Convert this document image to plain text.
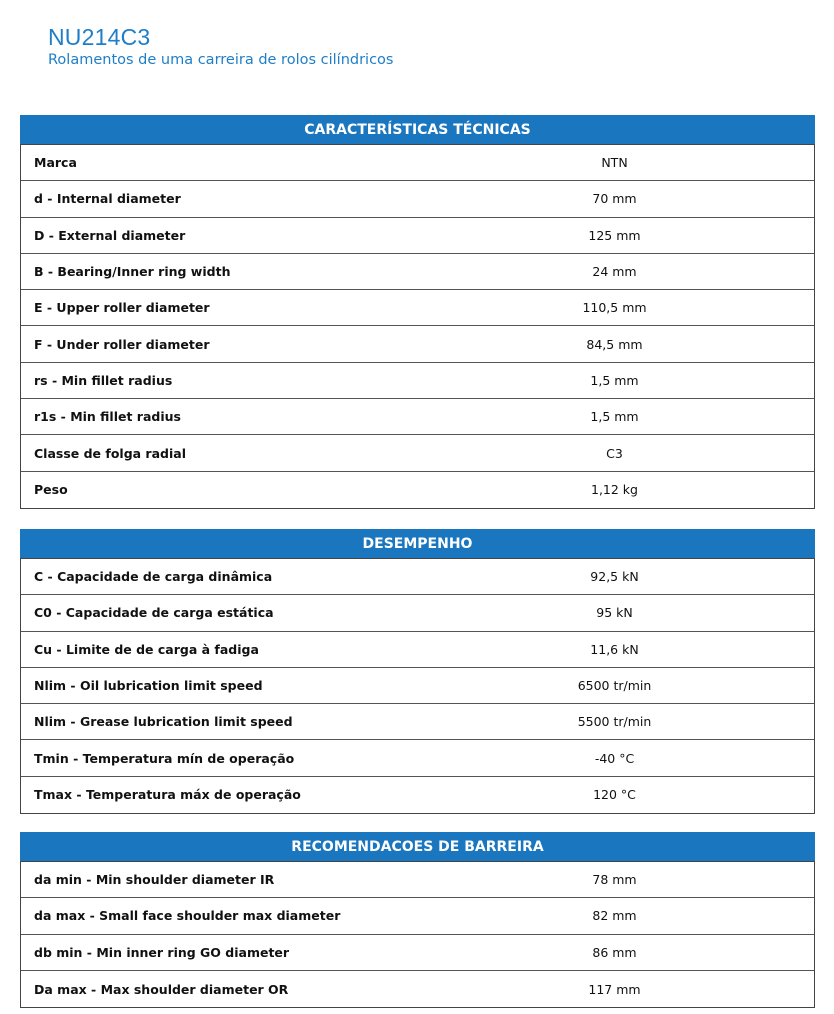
NU214C3
Rolamentos de uma carreira de rolos cilíndricos
CARACTERÍSTICAS TÉCNICAS
Marca	NTN
d - Internal diameter	70 mm
D - External diameter	125 mm
B - Bearing/Inner ring width	24 mm
E - Upper roller diameter	110,5 mm
F - Under roller diameter	84,5 mm
rs - Min fillet radius	1,5 mm
r1s - Min fillet radius	1,5 mm
Classe de folga radial	C3
Peso	1,12 kg
DESEMPENHO
C - Capacidade de carga dinâmica	92,5 kN
C0 - Capacidade de carga estática	95 kN
Cu - Limite de de carga à fadiga	11,6 kN
Nlim - Oil lubrication limit speed	6500 tr/min
Nlim - Grease lubrication limit speed	5500 tr/min
Tmin - Temperatura mín de operação	-40 °C
Tmax - Temperatura máx de operação	120 °C
RECOMENDACOES DE BARREIRA
da min - Min shoulder diameter IR	78 mm
da max - Small face shoulder max diameter	82 mm
db min - Min inner ring GO diameter	86 mm
Da max - Max shoulder diameter OR	117 mm
